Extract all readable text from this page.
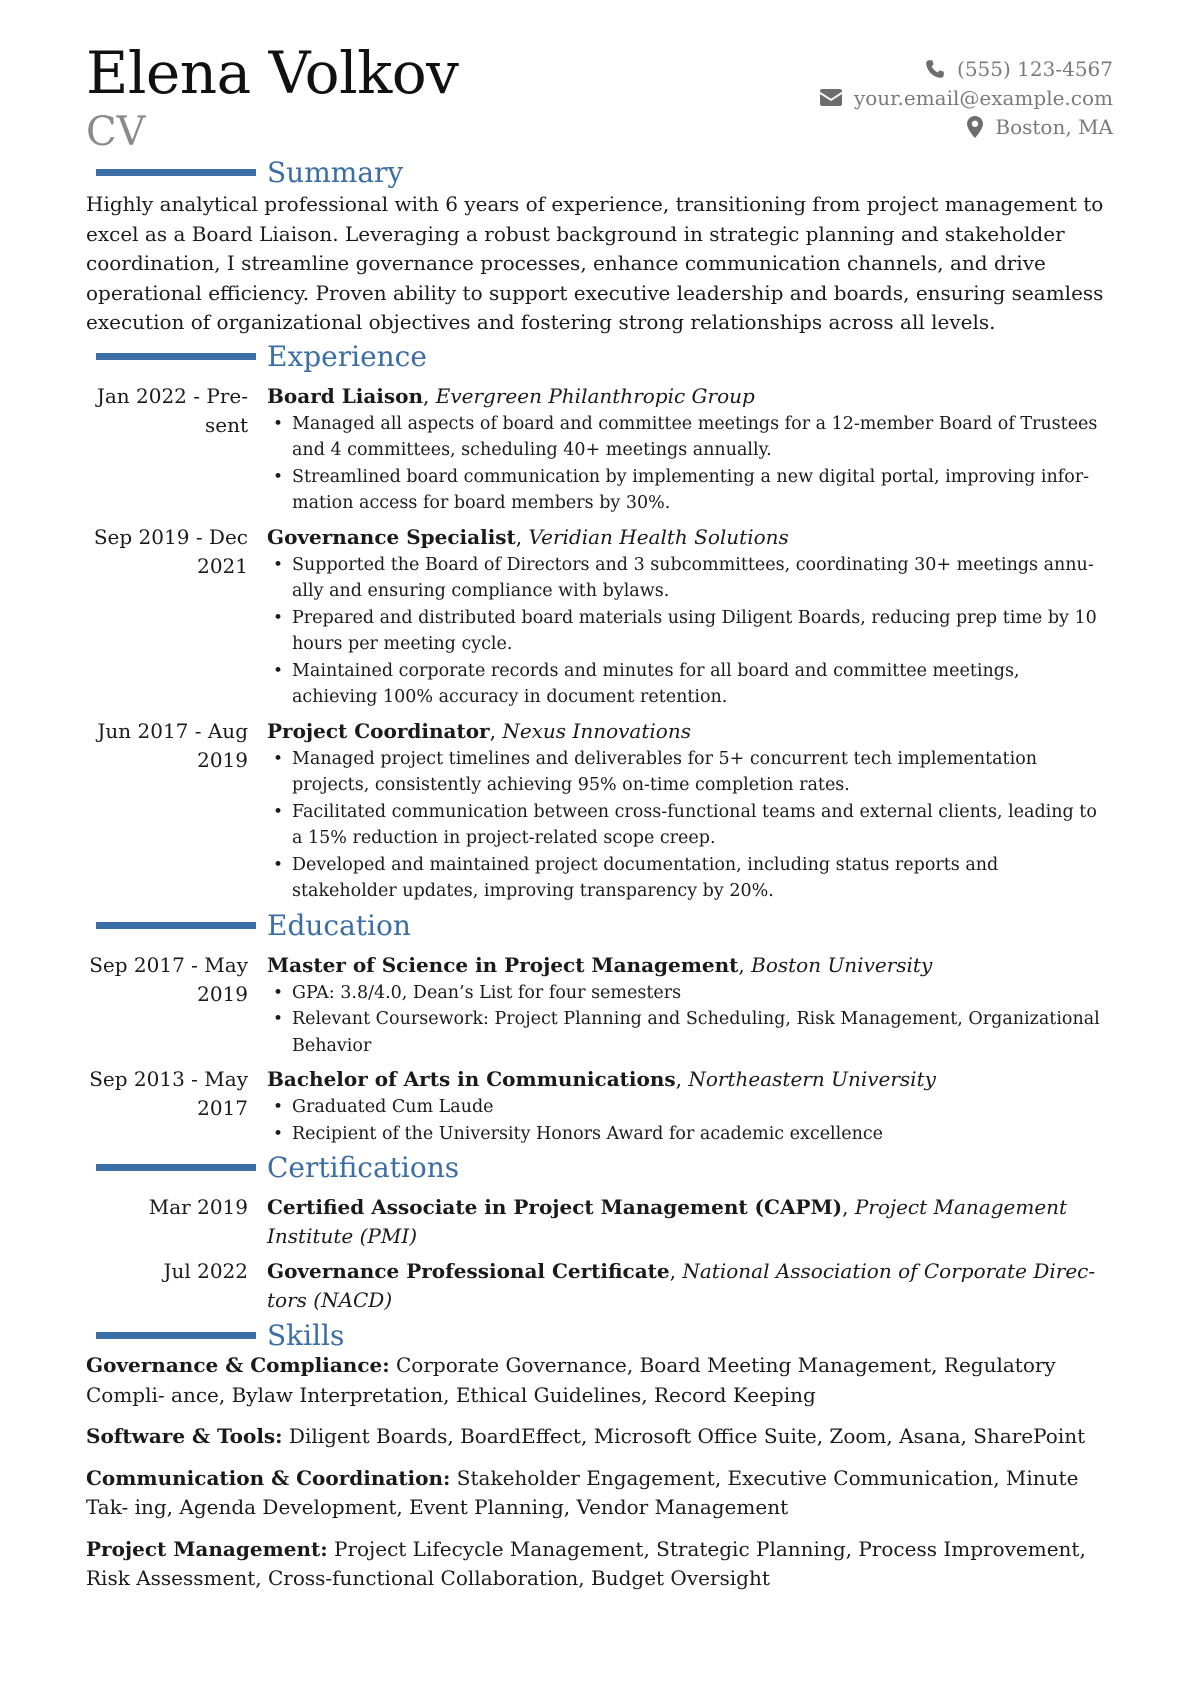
Elena Volkov
CV
(555) 123-4567
your.email@example.com
Boston, MA
Summary
Highly analytical professional with 6 years of experience, transitioning from project management to excel as a Board Liaison. Leveraging a robust background in strategic planning and stakeholder coordination, I streamline governance processes, enhance communication channels, and drive operational efficiency. Proven ability to support executive leadership and boards, ensuring seamless execution of organizational objectives and fostering strong relationships across all levels.
Experience
Jan 2022 - Pre- sent
Board Liaison, Evergreen Philanthropic Group
• Managed all aspects of board and committee meetings for a 12-member Board of Trustees and 4 committees, scheduling 40+ meetings annually.
• Streamlined board communication by implementing a new digital portal, improving infor- mation access for board members by 30%.
Sep 2019 - Dec 2021
Governance Specialist, Veridian Health Solutions
• Supported the Board of Directors and 3 subcommittees, coordinating 30+ meetings annu- ally and ensuring compliance with bylaws.
• Prepared and distributed board materials using Diligent Boards, reducing prep time by 10 hours per meeting cycle.
• Maintained corporate records and minutes for all board and committee meetings, achieving 100% accuracy in document retention.
Jun 2017 - Aug 2019
Project Coordinator, Nexus Innovations
• Managed project timelines and deliverables for 5+ concurrent tech implementation projects, consistently achieving 95% on-time completion rates.
• Facilitated communication between cross-functional teams and external clients, leading to a 15% reduction in project-related scope creep.
• Developed and maintained project documentation, including status reports and stakeholder updates, improving transparency by 20%.
Education
Sep 2017 - May 2019
Master of Science in Project Management, Boston University
• GPA: 3.8/4.0, Dean’s List for four semesters
• Relevant Coursework: Project Planning and Scheduling, Risk Management, Organizational Behavior
Sep 2013 - May 2017
Bachelor of Arts in Communications, Northeastern University
• Graduated Cum Laude
• Recipient of the University Honors Award for academic excellence
Certifications
Mar 2019 Certified Associate in Project Management (CAPM), Project Management Institute (PMI)
Jul 2022 Governance Professional Certificate, National Association of Corporate Direc- tors (NACD)
Skills
Governance & Compliance: Corporate Governance, Board Meeting Management, Regulatory Compli- ance, Bylaw Interpretation, Ethical Guidelines, Record Keeping
Software & Tools: Diligent Boards, BoardEffect, Microsoft Office Suite, Zoom, Asana, SharePoint
Communication & Coordination: Stakeholder Engagement, Executive Communication, Minute Tak- ing, Agenda Development, Event Planning, Vendor Management
Project Management: Project Lifecycle Management, Strategic Planning, Process Improvement, Risk Assessment, Cross-functional Collaboration, Budget Oversight
